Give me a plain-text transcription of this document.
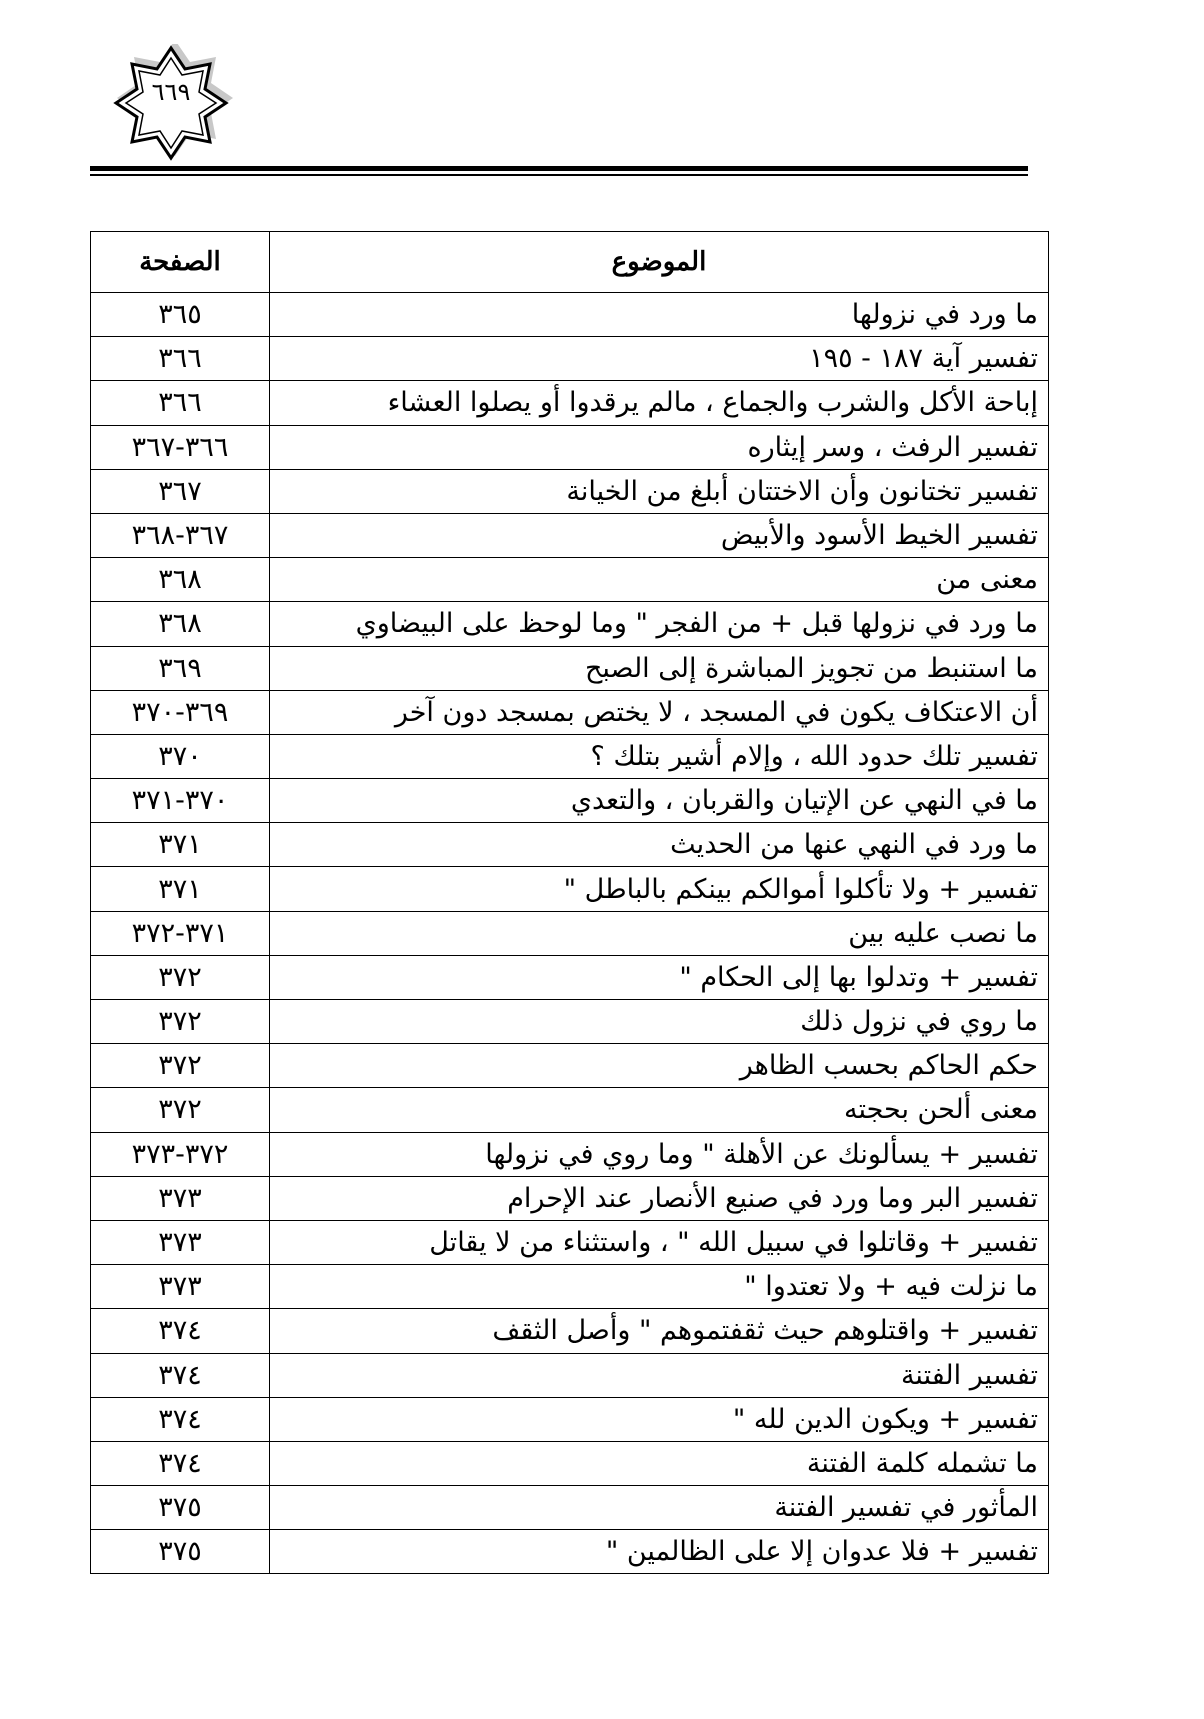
٦٦٩
الموضوع	الصفحة
ما ورد في نزولها	٣٦٥
تفسير آية ١٨٧ - ١٩٥	٣٦٦
إباحة الأكل والشرب والجماع ، مالم يرقدوا أو يصلوا العشاء	٣٦٦
تفسير الرفث ، وسر إيثاره	٣٦٦-٣٦٧
تفسير تختانون وأن الاختتان أبلغ من الخيانة	٣٦٧
تفسير الخيط الأسود والأبيض	٣٦٧-٣٦٨
معنى من	٣٦٨
ما ورد في نزولها قبل + من الفجر " وما لوحظ على البيضاوي	٣٦٨
ما استنبط من تجويز المباشرة إلى الصبح	٣٦٩
أن الاعتكاف يكون في المسجد ، لا يختص بمسجد دون آخر	٣٦٩-٣٧٠
تفسير تلك حدود الله ، وإلام أشير بتلك ؟	٣٧٠
ما في النهي عن الإتيان والقربان ، والتعدي	٣٧٠-٣٧١
ما ورد في النهي عنها من الحديث	٣٧١
تفسير + ولا تأكلوا أموالكم بينكم بالباطل "	٣٧١
ما نصب عليه بين	٣٧١-٣٧٢
تفسير + وتدلوا بها إلى الحكام "	٣٧٢
ما روي في نزول ذلك	٣٧٢
حكم الحاكم بحسب الظاهر	٣٧٢
معنى ألحن بحجته	٣٧٢
تفسير + يسألونك عن الأهلة " وما روي في نزولها	٣٧٢-٣٧٣
تفسير البر وما ورد في صنيع الأنصار عند الإحرام	٣٧٣
تفسير + وقاتلوا في سبيل الله " ، واستثناء من لا يقاتل	٣٧٣
ما نزلت فيه + ولا تعتدوا "	٣٧٣
تفسير + واقتلوهم حيث ثقفتموهم " وأصل الثقف	٣٧٤
تفسير الفتنة	٣٧٤
تفسير + ويكون الدين لله "	٣٧٤
ما تشمله كلمة الفتنة	٣٧٤
المأثور في تفسير الفتنة	٣٧٥
تفسير + فلا عدوان إلا على الظالمين "	٣٧٥
